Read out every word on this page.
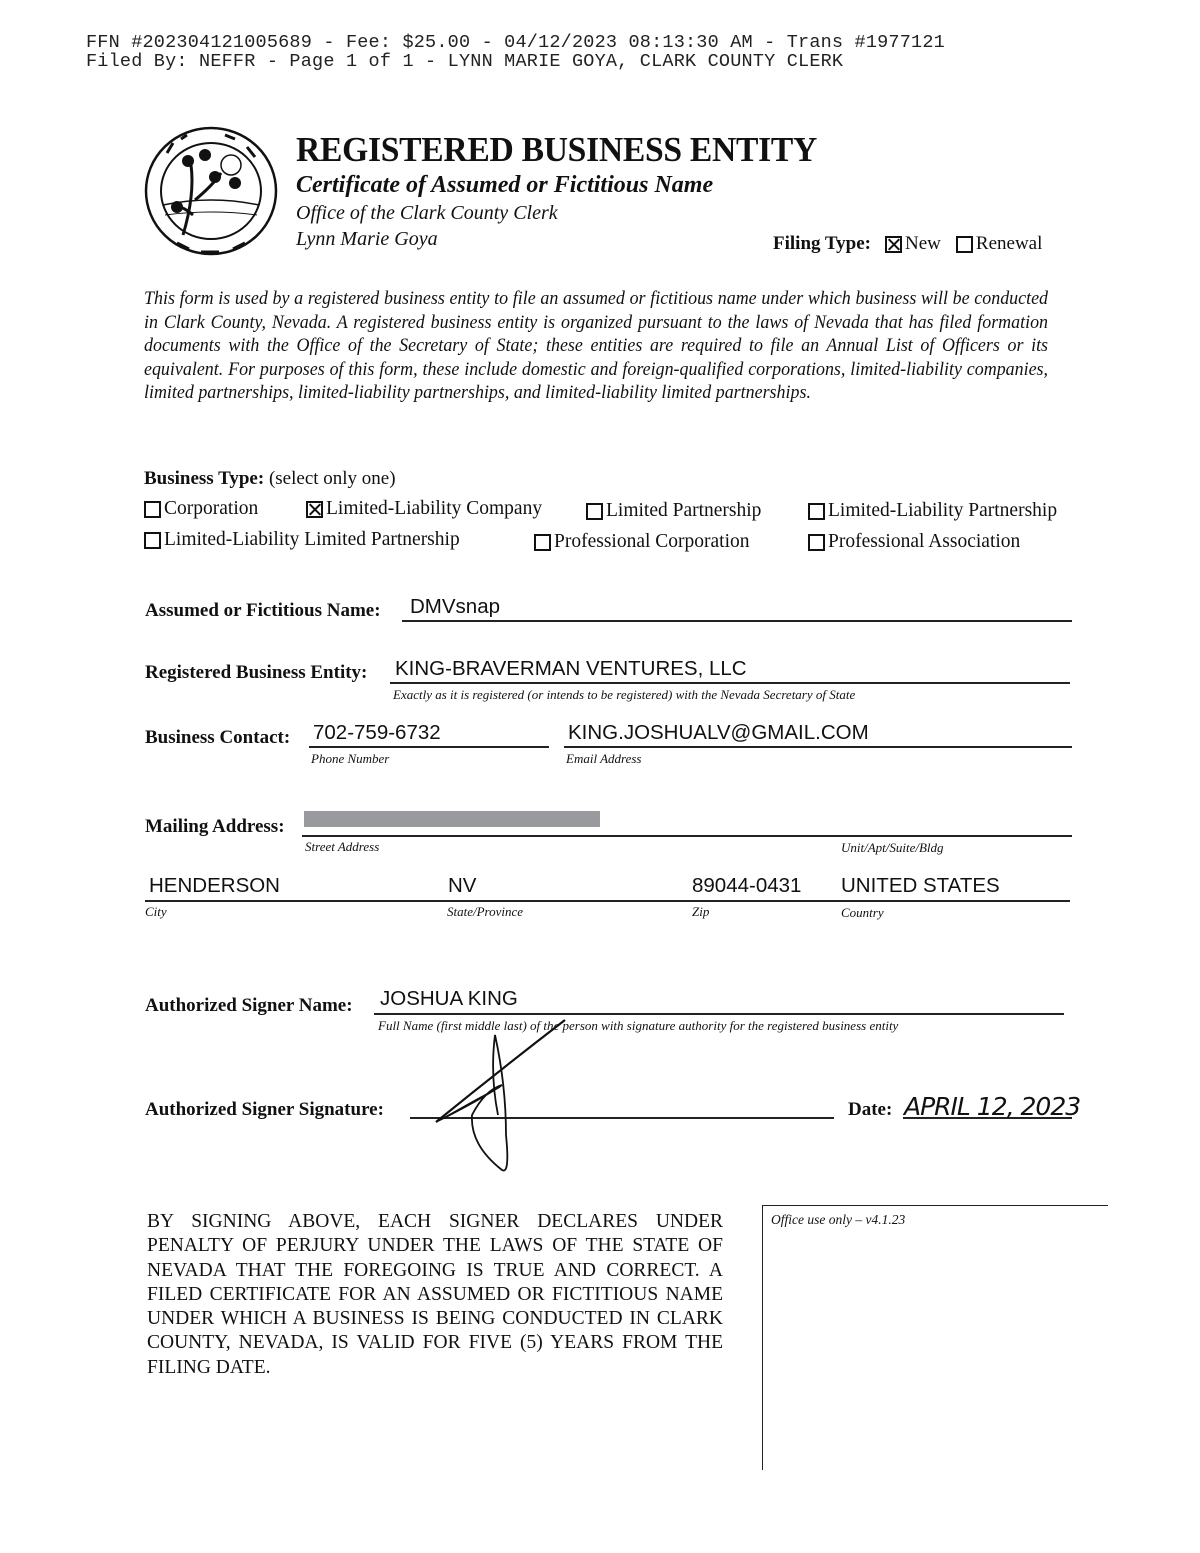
FFN #202304121005689 - Fee: $25.00 - 04/12/2023 08:13:30 AM - Trans #1977121
Filed By: NEFFR - Page 1 of 1 - LYNN MARIE GOYA, CLARK COUNTY CLERK
REGISTERED BUSINESS ENTITY
Certificate of Assumed or Fictitious Name
Office of the Clark County Clerk
Lynn Marie Goya	Filing Type: New Renewal
This form is used by a registered business entity to file an assumed or fictitious name under which business will be conducted in Clark County, Nevada. A registered business entity is organized pursuant to the laws of Nevada that has filed formation documents with the Office of the Secretary of State; these entities are required to file an Annual List of Officers or its equivalent. For purposes of this form, these include domestic and foreign-qualified corporations, limited-liability companies, limited partnerships, limited-liability partnerships, and limited-liability limited partnerships.
Business Type: (select only one)
Corporation	Limited-Liability Company	Limited Partnership	Limited-Liability Partnership
Limited-Liability Limited Partnership	Professional Corporation	Professional Association
Assumed or Fictitious Name: DMVsnap
Registered Business Entity: KING-BRAVERMAN VENTURES, LLC
Exactly as it is registered (or intends to be registered) with the Nevada Secretary of State
Business Contact: 702-759-6732
Phone Number
KING.JOSHUALV@GMAIL.COM
Email Address
Mailing Address:
Street Address	Unit/Apt/Suite/Bldg
HENDERSON	NV	89044-0431 UNITED STATES
City	State/Province	Zip	Country
Authorized Signer Name: JOSHUA KING
Full Name (first middle last) of the person with signature authority for the registered business entity
Authorized Signer Signature:	Date: APRIL 12, 2023
BY SIGNING ABOVE, EACH SIGNER DECLARES UNDER PENALTY OF PERJURY UNDER THE LAWS OF THE STATE OF NEVADA THAT THE FOREGOING IS TRUE AND CORRECT. A FILED CERTIFICATE FOR AN ASSUMED OR FICTITIOUS NAME UNDER WHICH A BUSINESS IS BEING CONDUCTED IN CLARK COUNTY, NEVADA, IS VALID FOR FIVE (5) YEARS FROM THE FILING DATE.
Office use only – v4.1.23
